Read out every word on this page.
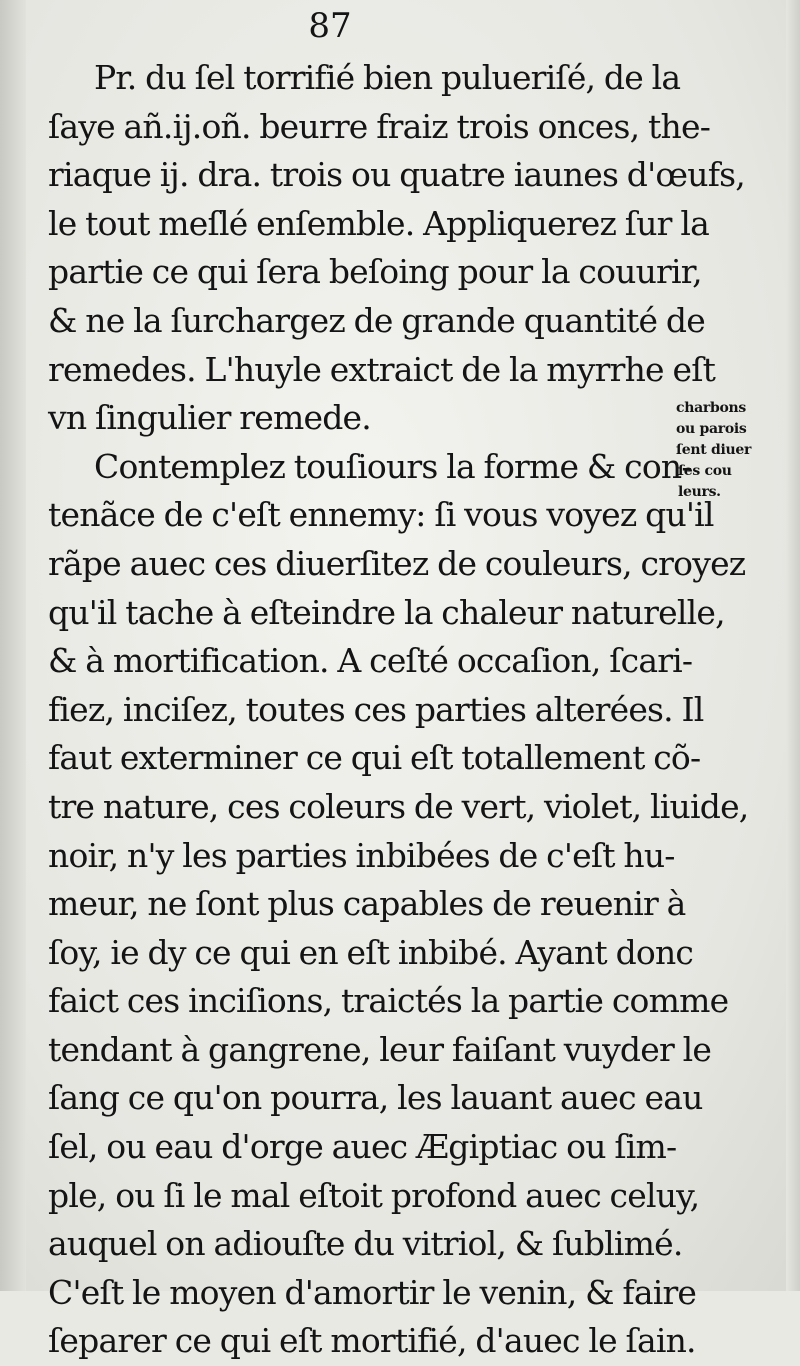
87
Pr. du ſel torrifié bien pulueriſé, de la
ſaye añ.ij.oñ. beurre fraiz trois onces, the-
riaque ij. dra. trois ou quatre iaunes d'œufs,
le tout meſlé enſemble. Appliquerez ſur la
partie ce qui ſera beſoing pour la couurir,
& ne la ſurchargez de grande quantité de
remedes. L'huyle extraict de la myrrhe eſt
vn ſingulier remede.
Contemplez touſiours la forme & con-
tenãce de c'eſt ennemy: ſi vous voyez qu'il
rãpe auec ces diuerſitez de couleurs, croyez
qu'il tache à eſteindre la chaleur naturelle,
& à mortification. A ceſté occaſion, ſcari-
fiez, inciſez, toutes ces parties alterées. Il
faut exterminer ce qui eſt totallement cõ-
tre nature, ces coleurs de vert, violet, liuide,
noir, n'y les parties inbibées de c'eſt hu-
meur, ne ſont plus capables de reuenir à
ſoy, ie dy ce qui en eſt inbibé. Ayant donc
faict ces inciſions, traictés la partie comme
tendant à gangrene, leur faiſant vuyder le
ſang ce qu'on pourra, les lauant auec eau
ſel, ou eau d'orge auec Ægiptiac ou ſim-
ple, ou ſi le mal eſtoit profond auec celuy,
auquel on adiouſte du vitriol, & ſublimé.
C'eſt le moyen d'amortir le venin, & faire
ſeparer ce qui eſt mortifié, d'auec le ſain.
charbons
ou parois
ſent diuer
ſes cou
leurs.
